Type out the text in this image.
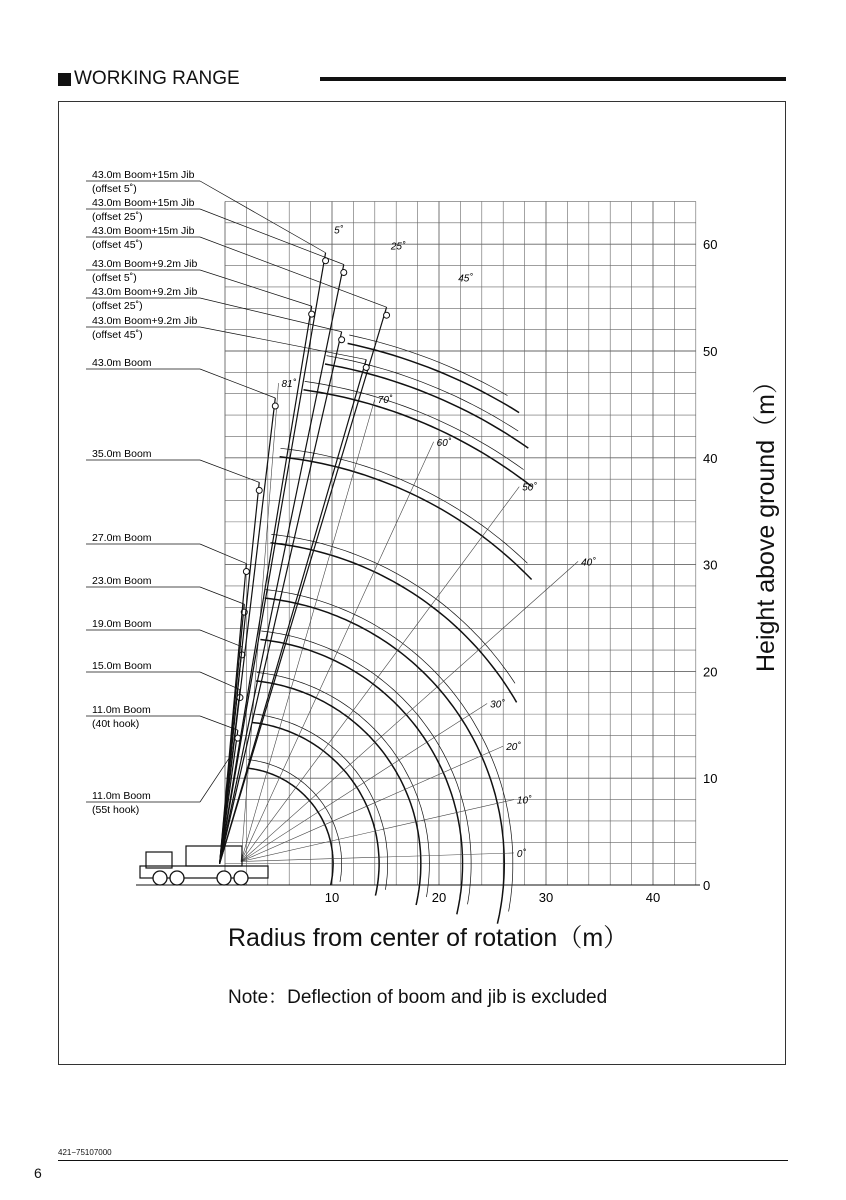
WORKING RANGE
81˚
70˚
60˚
50˚
40˚
30˚
20˚
10˚
0˚
43.0m Boom+15m Jib
(offset 5˚)
43.0m Boom+15m Jib
(offset 25˚)
43.0m Boom+15m Jib
(offset 45˚)
43.0m Boom+9.2m Jib
(offset 5˚)
43.0m Boom+9.2m Jib
(offset 25˚)
43.0m Boom+9.2m Jib
(offset 45˚)
43.0m Boom
35.0m Boom
27.0m Boom
23.0m Boom
19.0m Boom
15.0m Boom
11.0m Boom
(40t hook)
11.0m Boom
(55t hook)
5˚
25˚
45˚
10	20	30	40
0
10
20
30
40
50
60
Radius from center of rotation（m）
Height above ground（m）
Note：Deflection of boom and jib is excluded
421−75107000
6
